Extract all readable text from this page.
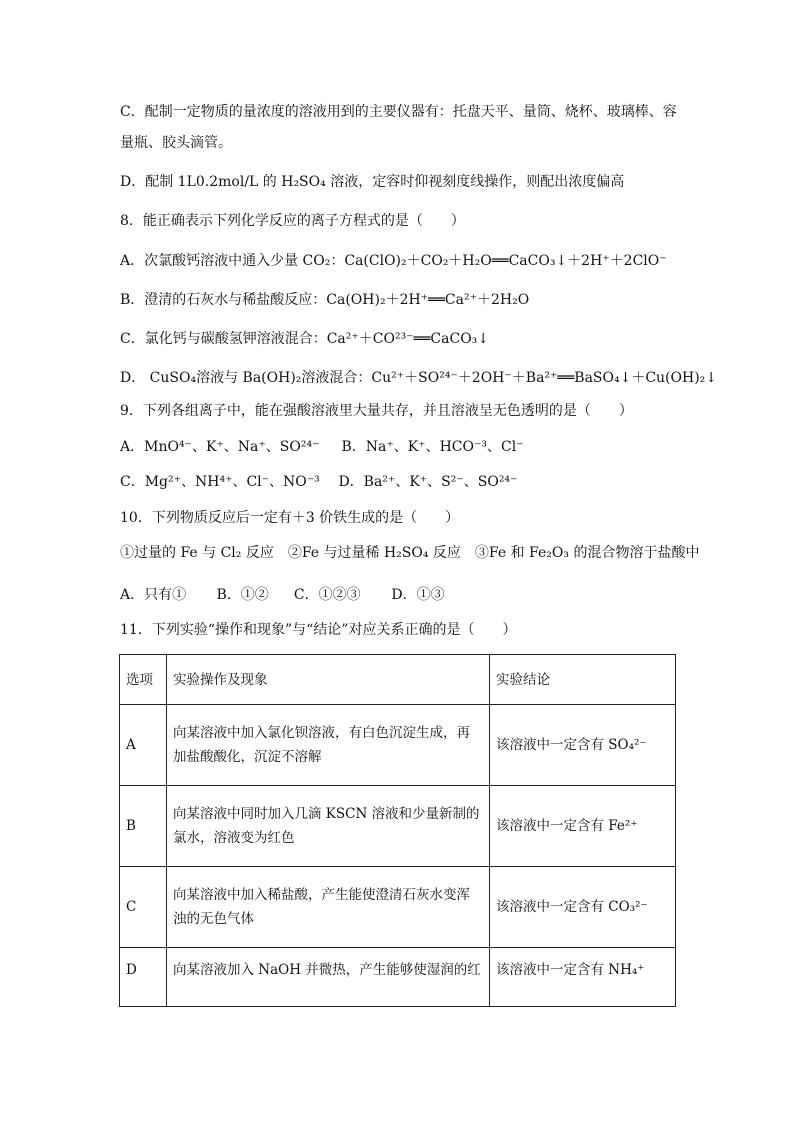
C．配制一定物质的量浓度的溶液用到的主要仪器有：托盘天平、量筒、烧杯、玻璃棒、容
量瓶、胶头滴管。
D．配制 1L0.2mol/L 的 H₂SO₄ 溶液，定容时仰视刻度线操作，则配出浓度偏高
8．能正确表示下列化学反应的离子方程式的是（　　）
A．次氯酸钙溶液中通入少量 CO₂：Ca(ClO)₂＋CO₂＋H₂O══CaCO₃↓＋2H⁺＋2ClO⁻
B．澄清的石灰水与稀盐酸反应：Ca(OH)₂＋2H⁺══Ca²⁺＋2H₂O
C．氯化钙与碳酸氢钾溶液混合：Ca²⁺＋CO²³⁻══CaCO₃↓
D． CuSO₄溶液与 Ba(OH)₂溶液混合：Cu²⁺＋SO²⁴⁻＋2OH⁻＋Ba²⁺══BaSO₄↓＋Cu(OH)₂↓
9．下列各组离子中，能在强酸溶液里大量共存，并且溶液呈无色透明的是（　　）
A．MnO⁴⁻、K⁺、Na⁺、SO²⁴⁻ B．Na⁺、K⁺、HCO⁻³、Cl⁻
C．Mg²⁺、NH⁴⁺、Cl⁻、NO⁻³ D．Ba²⁺、K⁺、S²⁻、SO²⁴⁻
10．下列物质反应后一定有＋3 价铁生成的是（　　）
①过量的 Fe 与 Cl₂ 反应　②Fe 与过量稀 H₂SO₄ 反应　③Fe 和 Fe₂O₃ 的混合物溶于盐酸中
A．只有① B．①② C．①②③ D．①③
11．下列实验“操作和现象”与“结论”对应关系正确的是（　　）
选项	实验操作及现象	实验结论
A	向某溶液中加入氯化钡溶液，有白色沉淀生成，再加盐酸酸化，沉淀不溶解	该溶液中一定含有 SO₄²⁻
B	向某溶液中同时加入几滴 KSCN 溶液和少量新制的氯水，溶液变为红色	该溶液中一定含有 Fe²⁺
C	向某溶液中加入稀盐酸，产生能使澄清石灰水变浑浊的无色气体	该溶液中一定含有 CO₃²⁻
D	向某溶液加入 NaOH 并微热，产生能够使湿润的红	该溶液中一定含有 NH₄⁺
